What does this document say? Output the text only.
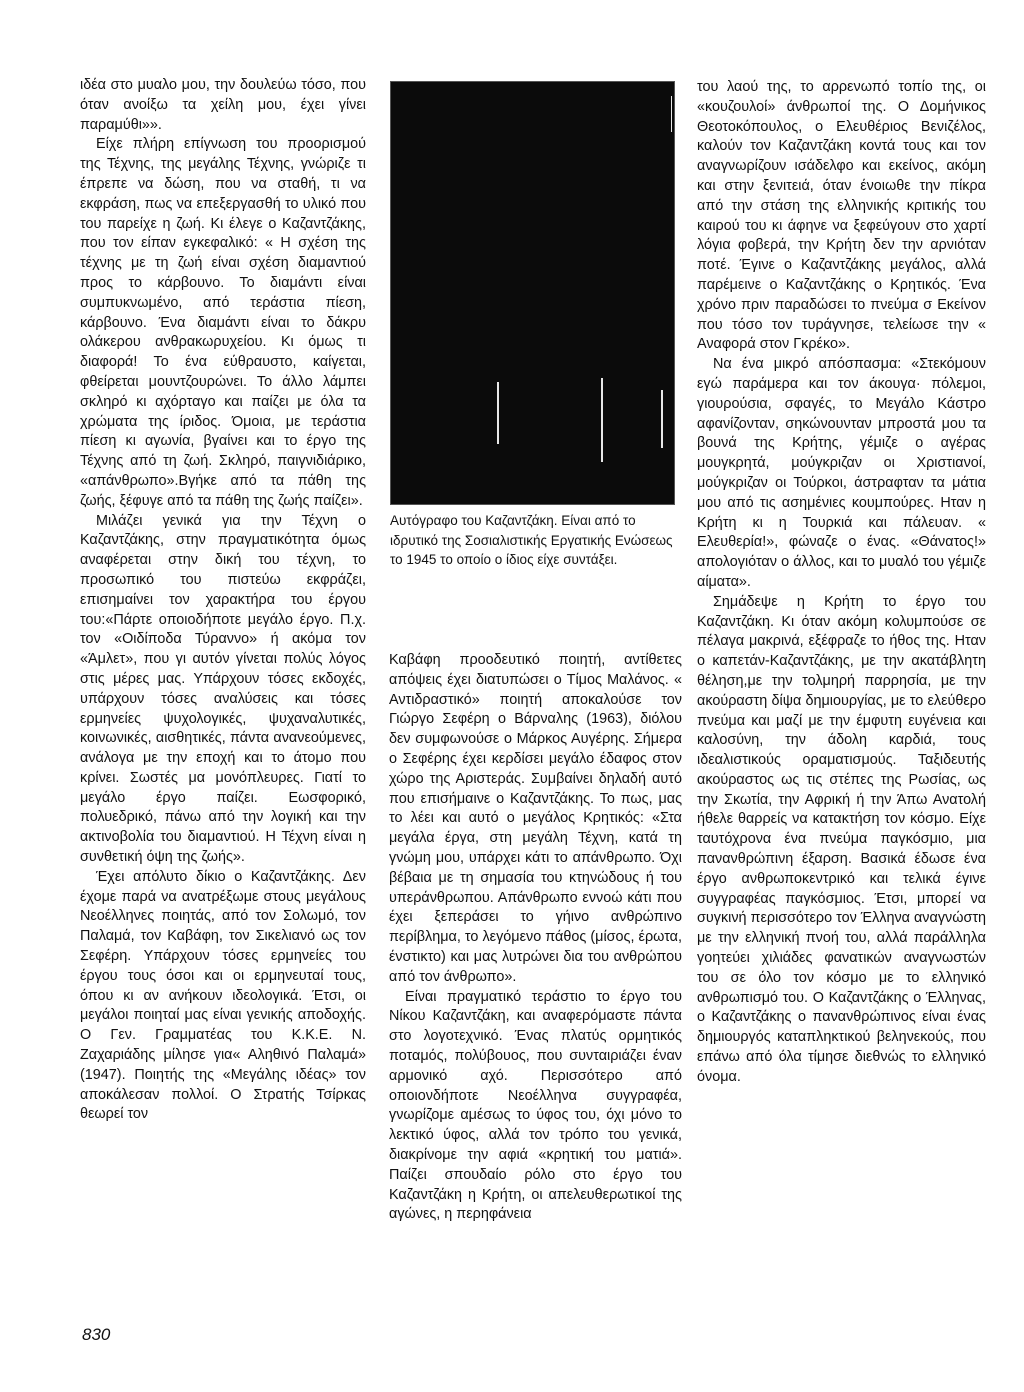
ιδέα στο μυαλο μου, την δουλεύω τόσο, που όταν ανοίξω τα χείλη μου, έχει γίνει παραμύθι»».

Είχε πλήρη επίγνωση του προορισμού της Τέχνης, της μεγάλης Τέχνης, γνώριζε τι έπρεπε να δώση, που να σταθή, τι να εκφράση, πως να επεξεργασθή το υλικό που του παρείχε η ζωή. Κι έλεγε ο Καζαντζάκης, που τον είπαν εγκεφαλικό: « Η σχέση της τέχνης με τη ζωή είναι σχέση διαμαντιού προς το κάρβουνο. Το διαμάντι είναι συμπυκνωμένο, από τεράστια πίεση, κάρβουνο. Ένα διαμάντι είναι το δάκρυ ολάκερου ανθρακωρυχείου. Κι όμως τι διαφορά! Το ένα εύθραυστο, καίγεται, φθείρεται μουντζουρώνει. Το άλλο λάμπει σκληρό κι αχόρταγο και παίζει με όλα τα χρώματα της ίριδος. Όμοια, με τεράστια πίεση κι αγωνία, βγαίνει και το έργο της Τέχνης από τη ζωή. Σκληρό, παιγνιδιάρικο, «απάνθρωπο».Βγήκε από τα πάθη της ζωής, ξέφυγε από τα πάθη της ζωής παίζει».

Μιλάζει γενικά για την Τέχνη ο Καζαντζάκης, στην πραγματικότητα όμως αναφέρεται στην δική του τέχνη, το προσωπικό του πιστεύω εκφράζει, επισημαίνει τον χαρακτήρα του έργου του:«Πάρτε οποιοδήποτε μεγάλο έργο. Π.χ. τον «Οιδίποδα Τύραννο» ή ακόμα τον «Άμλετ», που γι αυτόν γίνεται πολύς λόγος στις μέρες μας. Υπάρχουν τόσες εκδοχές, υπάρχουν τόσες αναλύσεις και τόσες ερμηνείες ψυχολογικές, ψυχαναλυτικές, κοινωνικές, αισθητικές, πάντα ανανεούμενες, ανάλογα με την εποχή και το άτομο που κρίνει. Σωστές μα μονόπλευρες. Γιατί το μεγάλο έργο παίζει. Εωσφορικό, πολυεδρικό, πάνω από την λογική και την ακτινοβολία του διαμαντιού. Η Τέχνη είναι η συνθετική όψη της ζωής».

Έχει απόλυτο δίκιο ο Καζαντζάκης. Δεν έχομε παρά να ανατρέξωμε στους μεγάλους Νεοέλληνες ποιητάς, από τον Σολωμό, τον Παλαμά, τον Καβάφη, τον Σικελιανό ως τον Σεφέρη. Υπάρχουν τόσες ερμηνείες του έργου τους όσοι και οι ερμηνευταί τους, όπου κι αν ανήκουν ιδεολογικά. Έτσι, οι μεγάλοι ποιηταί μας είναι γενικής αποδοχής. Ο Γεν. Γραμματέας του Κ.Κ.Ε. Ν. Ζαχαριάδης μίλησε για« Αληθινό Παλαμά» (1947). Ποιητής της «Μεγάλης ιδέας» τον αποκάλεσαν πολλοί. Ο Στρατής Τσίρκας θεωρεί τον

Αυτόγραφο του Καζαντζάκη. Είναι από το ιδρυτικό της Σοσιαλιστικής Εργατικής Ενώσεως το 1945 το οποίο ο ίδιος είχε συντάξει.

Καβάφη προοδευτικό ποιητή, αντίθετες απόψεις έχει διατυπώσει ο Τίμος Μαλάνος. « Αντιδραστικό» ποιητή αποκαλούσε τον Γιώργο Σεφέρη ο Βάρναλης (1963), διόλου δεν συμφωνούσε ο Μάρκος Αυγέρης. Σήμερα ο Σεφέρης έχει κερδίσει μεγάλο έδαφος στον χώρο της Αριστεράς. Συμβαίνει δηλαδή αυτό που επισήμαινε ο Καζαντζάκης. Το πως, μας το λέει και αυτό ο μεγάλος Κρητικός: «Στα μεγάλα έργα, στη μεγάλη Τέχνη, κατά τη γνώμη μου, υπάρχει κάτι το απάνθρωπο. Όχι βέβαια με τη σημασία του κτηνώδους ή του υπεράνθρωπου. Απάνθρωπο εννοώ κάτι που έχει ξεπεράσει το γήινο ανθρώπινο περίβλημα, το λεγόμενο πάθος (μίσος, έρωτα, ένστικτο) και μας λυτρώνει δια του ανθρώπου από τον άνθρωπο».

Είναι πραγματικό τεράστιο το έργο του Νίκου Καζαντζάκη, και αναφερόμαστε πάντα στο λογοτεχνικό. Ένας πλατύς ορμητικός ποταμός, πολύβουος, που συνταιριάζει έναν αρμονικό αχό. Περισσότερο από οποιονδήποτε Νεοέλληνα συγγραφέα, γνωρίζομε αμέσως το ύφος του, όχι μόνο το λεκτικό ύφος, αλλά τον τρόπο του γενικά, διακρίνομε την αφιά «κρητική του ματιά». Παίζει σπουδαίο ρόλο στο έργο του Καζαντζάκη η Κρήτη, οι απελευθερωτικοί της αγώνες, η περηφάνεια

του λαού της, το αρρενωπό τοπίο της, οι «κουζουλοί» άνθρωποί της. Ο Δομήνικος Θεοτοκόπουλος, ο Ελευθέριος Βενιζέλος, καλούν τον Καζαντζάκη κοντά τους και τον αναγνωρίζουν ισάδελφο και εκείνος, ακόμη και στην ξενιτειά, όταν ένοιωθε την πίκρα από την στάση της ελληνικής κριτικής του καιρού του κι άφηνε να ξεφεύγουν στο χαρτί λόγια φοβερά, την Κρήτη δεν την αρνιόταν ποτέ. Έγινε ο Καζαντζάκης μεγάλος, αλλά παρέμεινε ο Καζαντζάκης ο Κρητικός. Ένα χρόνο πριν παραδώσει το πνεύμα σ Εκείνον που τόσο τον τυράγνησε, τελείωσε την « Αναφορά στον Γκρέκο».

Να ένα μικρό απόσπασμα: «Στεκόμουν εγώ παράμερα και τον άκουγα· πόλεμοι, γιουρούσια, σφαγές, το Μεγάλο Κάστρο αφανίζονταν, σηκώνουνταν μπροστά μου τα βουνά της Κρήτης, γέμιζε ο αγέρας μουγκρητά, μούγκριζαν οι Χριστιανοί, μούγκριζαν οι Τούρκοι, άστραφταν τα μάτια μου από τις ασημένιες κουμπούρες. Ηταν η Κρήτη κι η Τουρκιά και πάλευαν. « Ελευθερία!», φώναζε ο ένας. «Θάνατος!» απολογιόταν ο άλλος, και το μυαλό του γέμιζε αίματα».

Σημάδεψε η Κρήτη το έργο του Καζαντζάκη. Κι όταν ακόμη κολυμπούσε σε πέλαγα μακρινά, εξέφραζε το ήθος της. Ηταν ο καπετάν-Καζαντζάκης, με την ακατάβλητη θέληση,με την τολμηρή παρρησία, με την ακούραστη δίψα δημιουργίας, με το ελεύθερο πνεύμα και μαζί με την έμφυτη ευγένεια και καλοσύνη, την άδολη καρδιά, τους ιδεαλιστικούς οραματισμούς. Ταξιδευτής ακούραστος ως τις στέπες της Ρωσίας, ως την Σκωτία, την Αφρική ή την Άπω Ανατολή ήθελε θαρρείς να κατακτήση τον κόσμο. Είχε ταυτόχρονα ένα πνεύμα παγκόσμιο, μια πανανθρώπινη έξαρση. Βασικά έδωσε ένα έργο ανθρωποκεντρικό και τελικά έγινε συγγραφέας παγκόσμιος. Έτσι, μπορεί να συγκινή περισσότερο τον Έλληνα αναγνώστη με την ελληνική πνοή του, αλλά παράλληλα γοητεύει χιλιάδες φανατικών αναγνωστών του σε όλο τον κόσμο με το ελληνικό ανθρωπισμό του. Ο Καζαντζάκης ο Έλληνας, ο Καζαντζάκης ο πανανθρώπινος είναι ένας δημιουργός καταπληκτικού βεληνεκούς, που επάνω από όλα τίμησε διεθνώς το ελληνικό όνομα.

830
